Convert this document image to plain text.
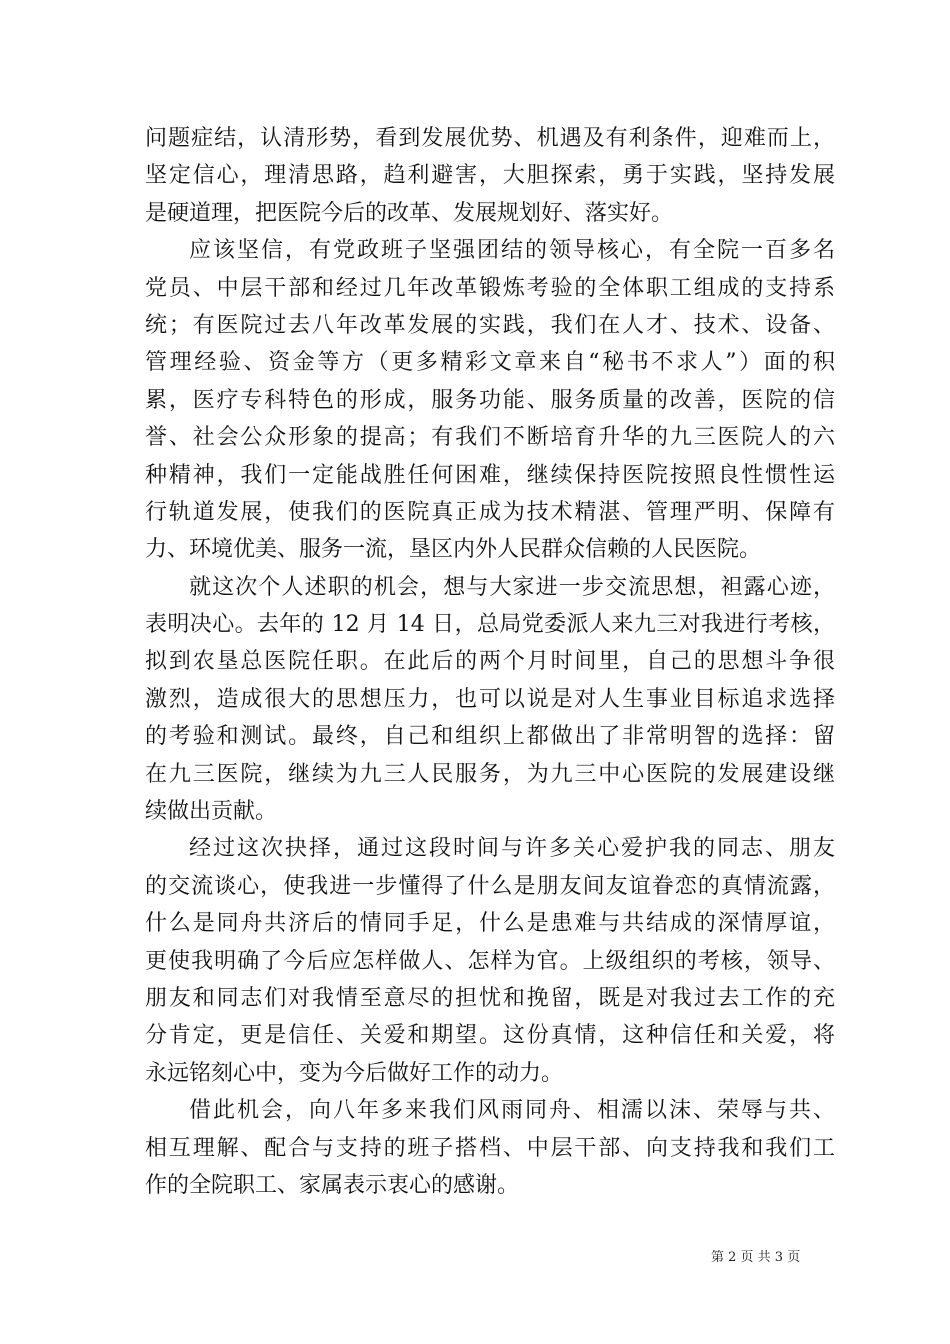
问题症结，认清形势，看到发展优势、机遇及有利条件，迎难而上，
坚定信心，理清思路，趋利避害，大胆探索，勇于实践，坚持发展
是硬道理，把医院今后的改革、发展规划好、落实好。
应该坚信，有党政班子坚强团结的领导核心，有全院一百多名
党员、中层干部和经过几年改革锻炼考验的全体职工组成的支持系
统；有医院过去八年改革发展的实践，我们在人才、技术、设备、
管理经验、资金等方（更多精彩文章来自“秘书不求人”）面的积
累，医疗专科特色的形成，服务功能、服务质量的改善，医院的信
誉、社会公众形象的提高；有我们不断培育升华的九三医院人的六
种精神，我们一定能战胜任何困难，继续保持医院按照良性惯性运
行轨道发展，使我们的医院真正成为技术精湛、管理严明、保障有
力、环境优美、服务一流，垦区内外人民群众信赖的人民医院。
就这次个人述职的机会，想与大家进一步交流思想，袒露心迹，
表明决心。去年的 12 月 14 日，总局党委派人来九三对我进行考核，
拟到农垦总医院任职。在此后的两个月时间里，自己的思想斗争很
激烈，造成很大的思想压力，也可以说是对人生事业目标追求选择
的考验和测试。最终，自己和组织上都做出了非常明智的选择：留
在九三医院，继续为九三人民服务，为九三中心医院的发展建设继
续做出贡献。
经过这次抉择，通过这段时间与许多关心爱护我的同志、朋友
的交流谈心，使我进一步懂得了什么是朋友间友谊眷恋的真情流露，
什么是同舟共济后的情同手足，什么是患难与共结成的深情厚谊，
更使我明确了今后应怎样做人、怎样为官。上级组织的考核，领导、
朋友和同志们对我情至意尽的担忧和挽留，既是对我过去工作的充
分肯定，更是信任、关爱和期望。这份真情，这种信任和关爱，将
永远铭刻心中，变为今后做好工作的动力。
借此机会，向八年多来我们风雨同舟、相濡以沫、荣辱与共、
相互理解、配合与支持的班子搭档、中层干部、向支持我和我们工
作的全院职工、家属表示衷心的感谢。
第 2 页 共 3 页
